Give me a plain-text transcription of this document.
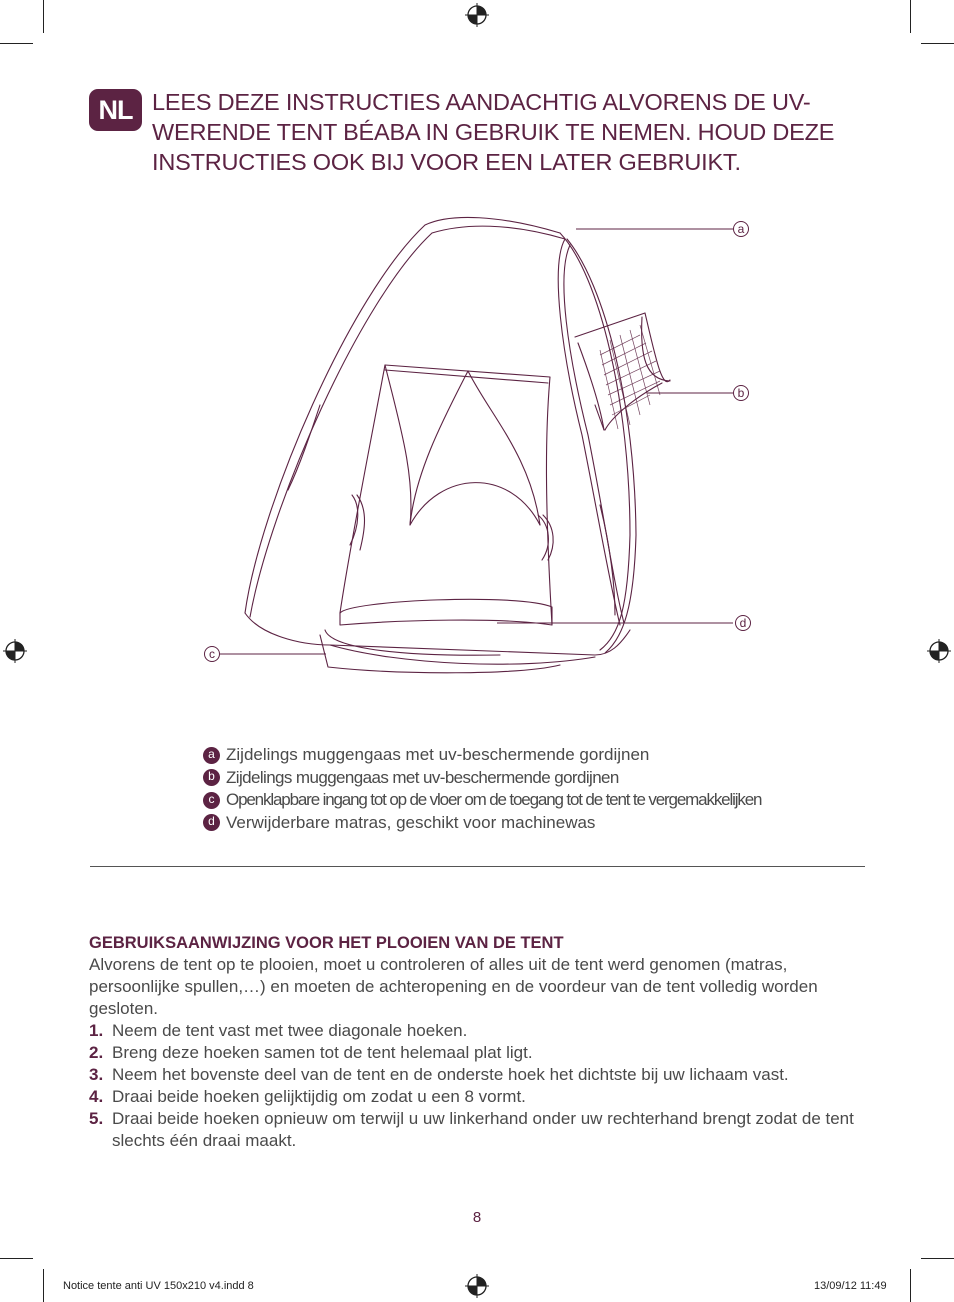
NL LEES DEZE INSTRUCTIES AANDACHTIG ALVORENS DE UV-
WERENDE TENT BÉABA IN GEBRUIK TE NEMEN. HOUD DEZE
INSTRUCTIES OOK BIJ VOOR EEN LATER GEBRUIKT.
a
b
c
d
a Zijdelings muggengaas met uv-beschermende gordijnen
b Zijdelings muggengaas met uv-beschermende gordijnen
c Openklapbare ingang tot op de vloer om de toegang tot de tent te vergemakkelijken
d Verwijderbare matras, geschikt voor machinewas
GEBRUIKSAANWIJZING VOOR HET PLOOIEN VAN DE TENT
Alvorens de tent op te plooien, moet u controleren of alles uit de tent werd genomen (matras, persoonlijke spullen,…) en moeten de achteropening en de voordeur van de tent volledig worden gesloten.
1. Neem de tent vast met twee diagonale hoeken.
2. Breng deze hoeken samen tot de tent helemaal plat ligt.
3. Neem het bovenste deel van de tent en de onderste hoek het dichtste bij uw lichaam vast.
4. Draai beide hoeken gelijktijdig om zodat u een 8 vormt.
5. Draai beide hoeken opnieuw om terwijl u uw linkerhand onder uw rechterhand brengt zodat de tent slechts één draai maakt.
8
Notice tente anti UV 150x210 v4.indd 8	13/09/12 11:49
